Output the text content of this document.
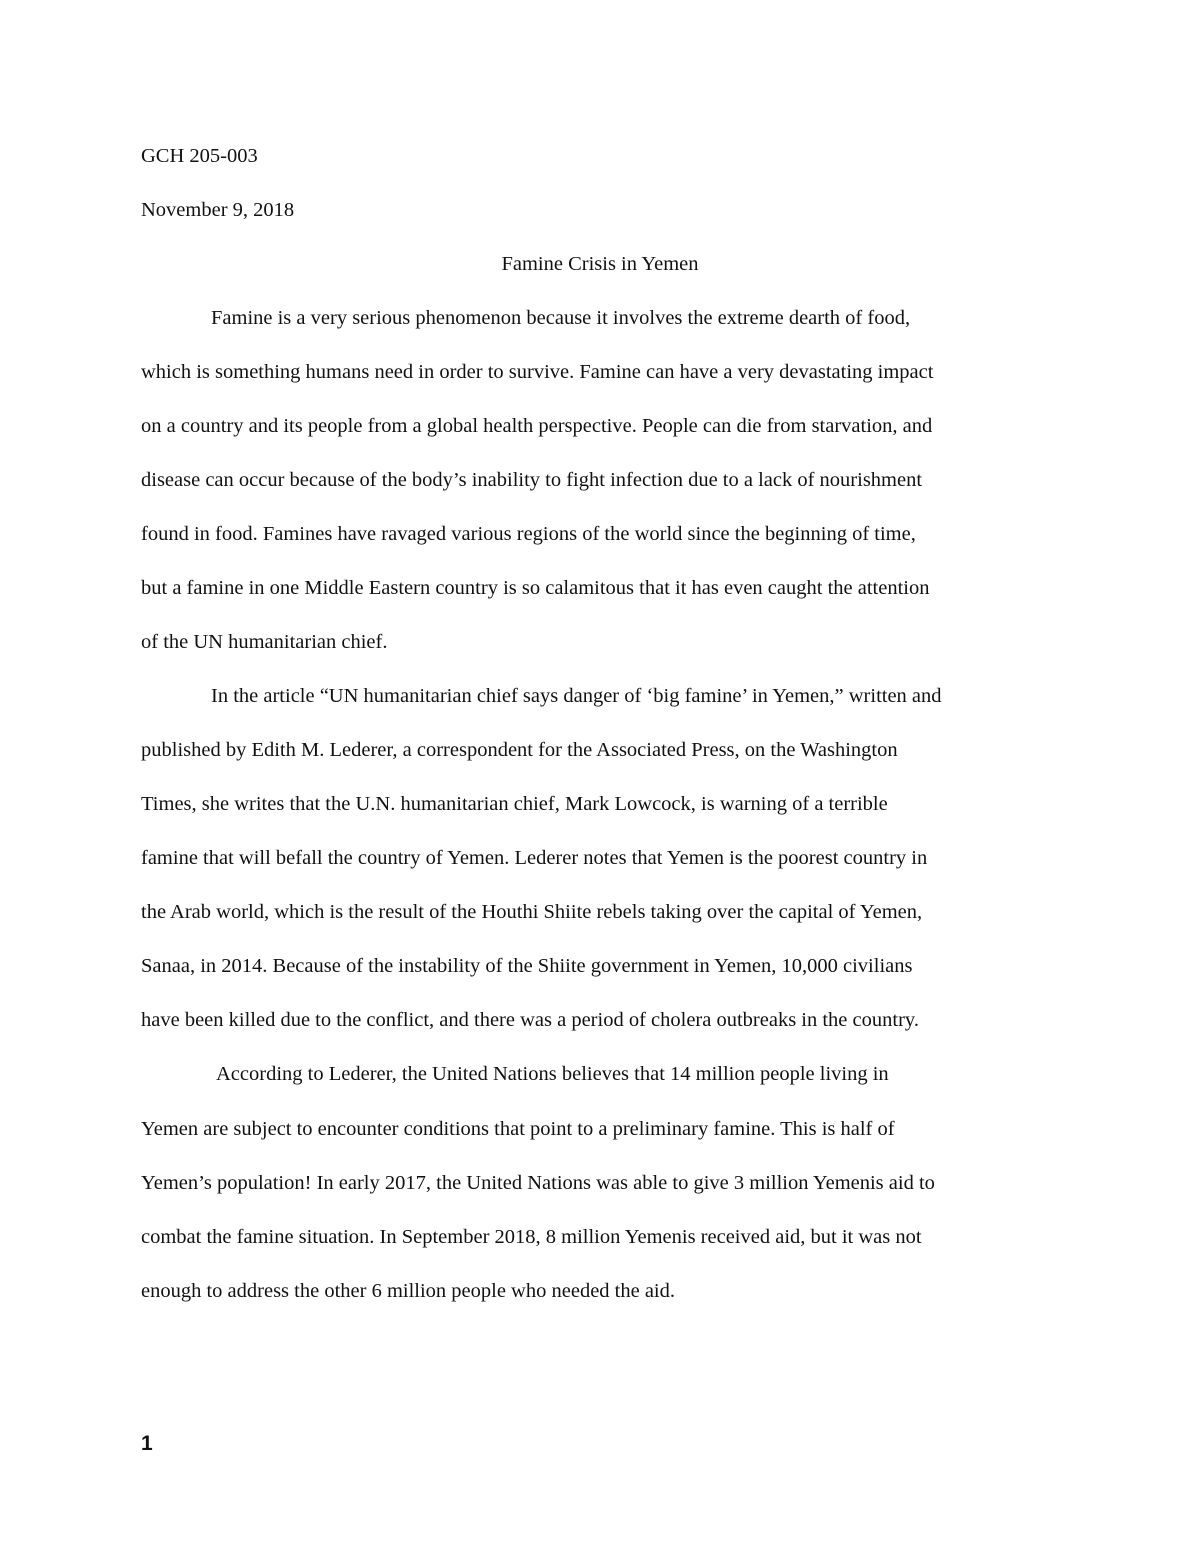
GCH 205-003
November 9, 2018
Famine Crisis in Yemen
Famine is a very serious phenomenon because it involves the extreme dearth of food,
which is something humans need in order to survive. Famine can have a very devastating impact
on a country and its people from a global health perspective. People can die from starvation, and
disease can occur because of the body’s inability to fight infection due to a lack of nourishment
found in food. Famines have ravaged various regions of the world since the beginning of time,
but a famine in one Middle Eastern country is so calamitous that it has even caught the attention
of the UN humanitarian chief.
In the article “UN humanitarian chief says danger of ‘big famine’ in Yemen,” written and
published by Edith M. Lederer, a correspondent for the Associated Press, on the Washington
Times, she writes that the U.N. humanitarian chief, Mark Lowcock, is warning of a terrible
famine that will befall the country of Yemen. Lederer notes that Yemen is the poorest country in
the Arab world, which is the result of the Houthi Shiite rebels taking over the capital of Yemen,
Sanaa, in 2014. Because of the instability of the Shiite government in Yemen, 10,000 civilians
have been killed due to the conflict, and there was a period of cholera outbreaks in the country.
According to Lederer, the United Nations believes that 14 million people living in
Yemen are subject to encounter conditions that point to a preliminary famine. This is half of
Yemen’s population! In early 2017, the United Nations was able to give 3 million Yemenis aid to
combat the famine situation. In September 2018, 8 million Yemenis received aid, but it was not
enough to address the other 6 million people who needed the aid.
1
